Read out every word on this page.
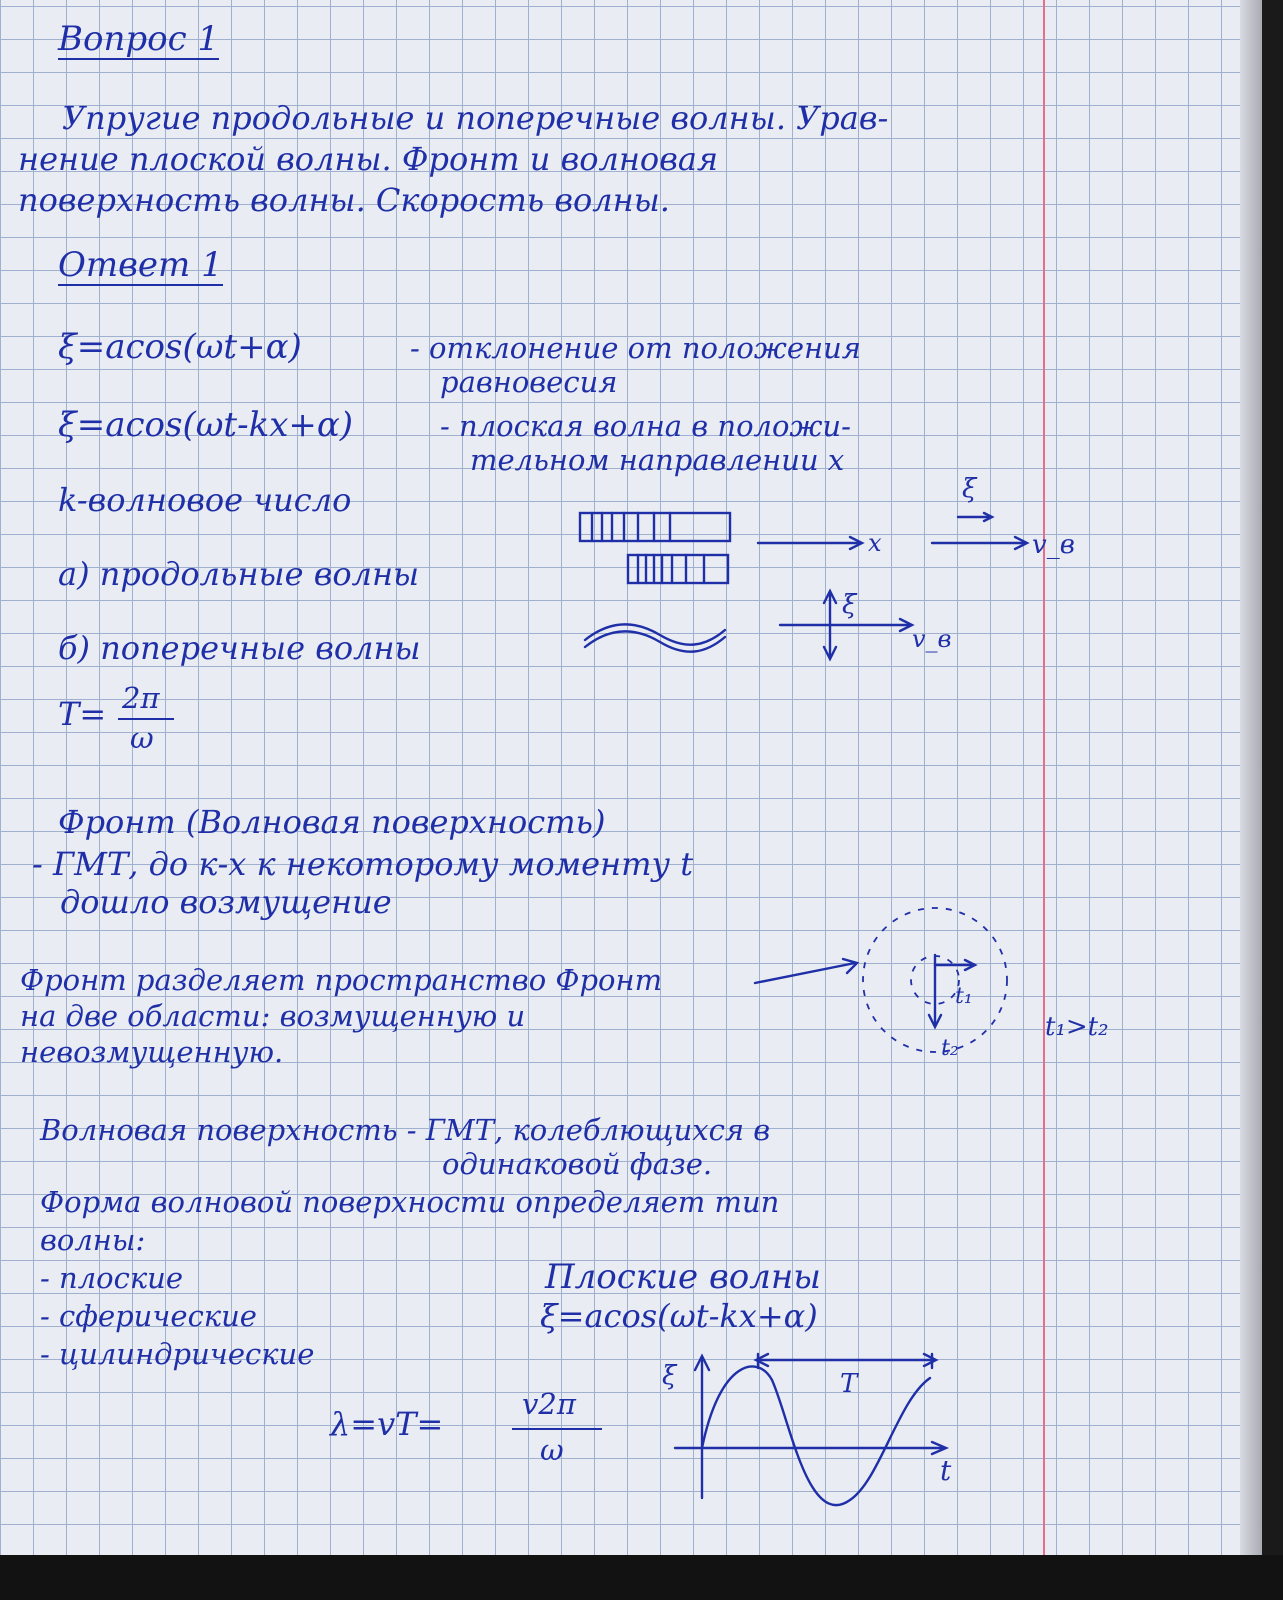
Вопрос 1
Упругие продольные и поперечные волны. Урав-
нение плоской волны. Фронт и волновая
поверхность волны. Скорость волны.
Ответ 1
ξ=acos(ωt+α)	- отклонение от положения
равновесия
ξ=acos(ωt-kx+α)	- плоская волна в положи-
тельном направлении x
k-волновое число
а) продольные волны
x
ξ
v_в
б) поперечные волны
ξ
v_в
T= 2π
ω
Фронт (Волновая поверхность)
- ГМТ, до к-х к некоторому моменту t
дошло возмущение
Фронт разделяет пространство Фронт
на две области: возмущенную и
невозмущенную.
t₁
t₂
t₁>t₂
Волновая поверхность - ГМТ, колеблющихся в
одинаковой фазе.
Форма волновой поверхности определяет тип
волны:
- плоские
- сферические
- цилиндрические
Плоские волны
ξ=acos(ωt-kx+α)
λ=vT=
v2π
ω
ξ	T
t
